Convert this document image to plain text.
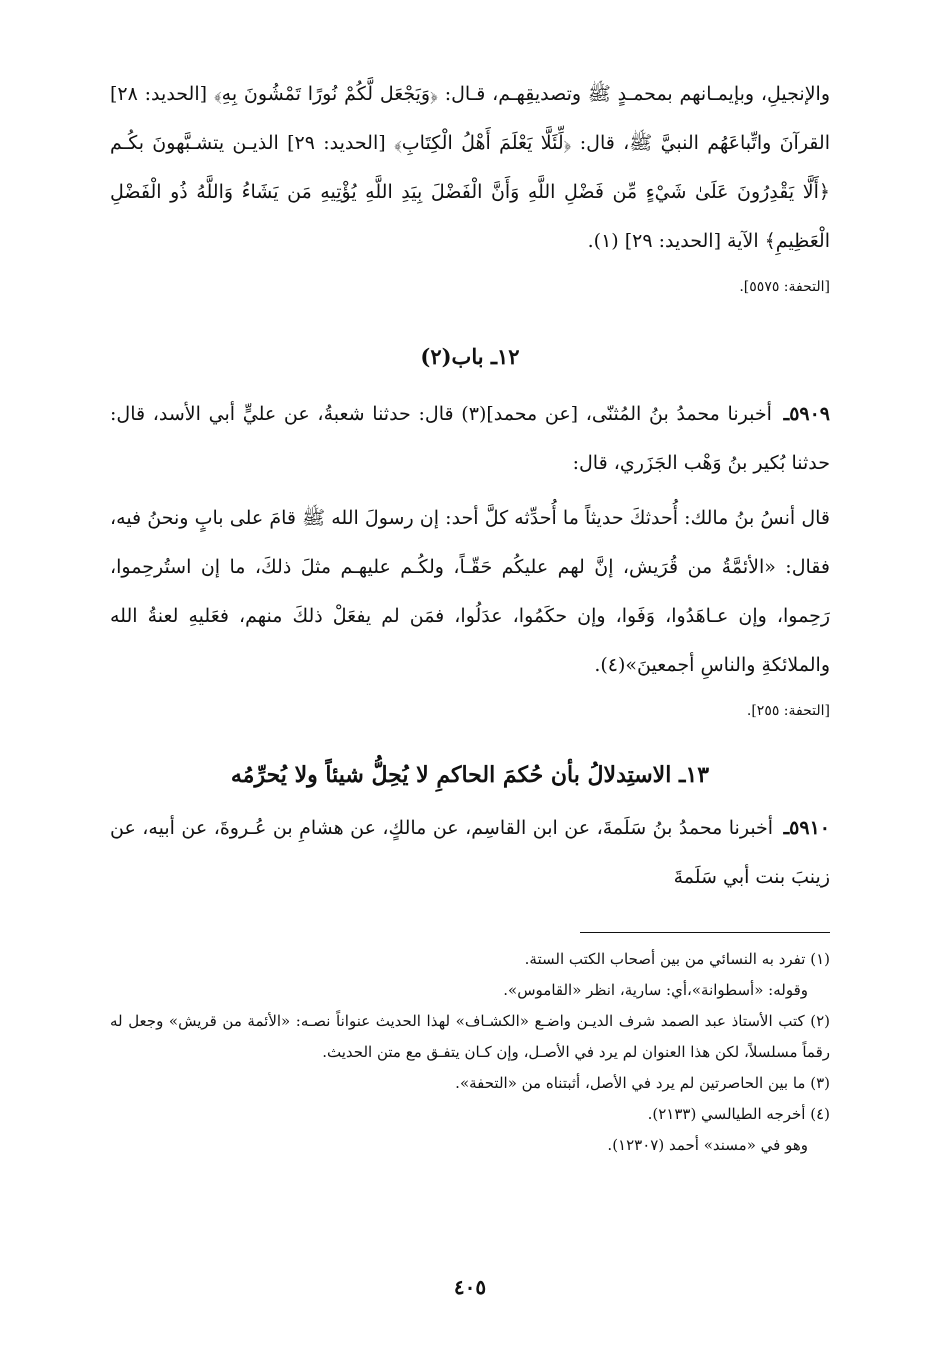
والإنجيلِ، وبإيمـانهم بمحمـدٍ ﷺ وتصديقِهـم، قـال: ﴿وَيَجْعَل لَّكُمْ نُورًا تَمْشُونَ بِهِ﴾ [الحديد: ٢٨] القرآنَ واتِّباعَهُم النبيَّ ﷺ، قال: ﴿لِّئَلَّا يَعْلَمَ أَهْلُ الْكِتَابِ﴾ [الحديد: ٢٩] الذيـن يتشـبَّهونَ بكُـم ﴿أَلَّا يَقْدِرُونَ عَلَىٰ شَيْءٍ مِّن فَضْلِ اللَّهِ وَأَنَّ الْفَضْلَ بِيَدِ اللَّهِ يُؤْتِيهِ مَن يَشَاءُ وَاللَّهُ ذُو الْفَضْلِ الْعَظِيمِ﴾ الآية [الحديد: ٢٩] (١).

[التحفة: ٥٥٧٥].

١٢ـ باب(٢)

٥٩٠٩ـ أخبرنا محمدُ بنُ المُثنّى، [عن محمد](٣) قال: حدثنا شعبةُ، عن عليٍّ أبي الأسد، قال: حدثنا بُكير بنُ وَهْب الجَزَري، قال:

قال أنسُ بنُ مالك: أُحدثكَ حديثاً ما أُحدِّثه كلَّ أحد: إن رسولَ الله ﷺ قامَ على بابٍ ونحنُ فيه، فقال: «الأئمَّةُ من قُرَيش، إنَّ لهم عليكُم حَقّـاً، ولكُـم عليهـم مثلَ ذلكَ، ما إن استُرحِموا، رَحِموا، وإن عـاهَدُوا، وَفَوا، وإن حكَمُوا، عدَلُوا، فمَن لم يفعَلْ ذلكَ منهم، فعَليهِ لعنةُ الله والملائكةِ والناسِ أجمعينَ»(٤).

[التحفة: ٢٥٥].

١٣ـ الاستِدلالُ بأن حُكمَ الحاكمِ لا يُحِلُّ شيئاً ولا يُحرِّمُه

٥٩١٠ـ أخبرنا محمدُ بنُ سَلَمةَ، عن ابن القاسِم، عن مالكٍ، عن هشامِ بن عُـروةَ، عن أبيه، عن زينبَ بنت أبي سَلَمةَ

(١) تفرد به النسائي من بين أصحاب الكتب الستة.

وقوله: «أسطوانة»،أي: سارية، انظر «القاموس».

(٢) كتب الأستاذ عبد الصمد شرف الديـن واضـع «الكشـاف» لهذا الحديث عنواناً نصـه: «الأئمة من قريش» وجعل له رقماً مسلسلاً، لكن هذا العنوان لم يرد في الأصـل، وإن كـان يتفـق مع متن الحديث.

(٣) ما بين الحاصرتين لم يرد في الأصل، أثبتناه من «التحفة».

(٤) أخرجه الطيالسي (٢١٣٣).

وهو في «مسند» أحمد (١٢٣٠٧).

٤٠٥
